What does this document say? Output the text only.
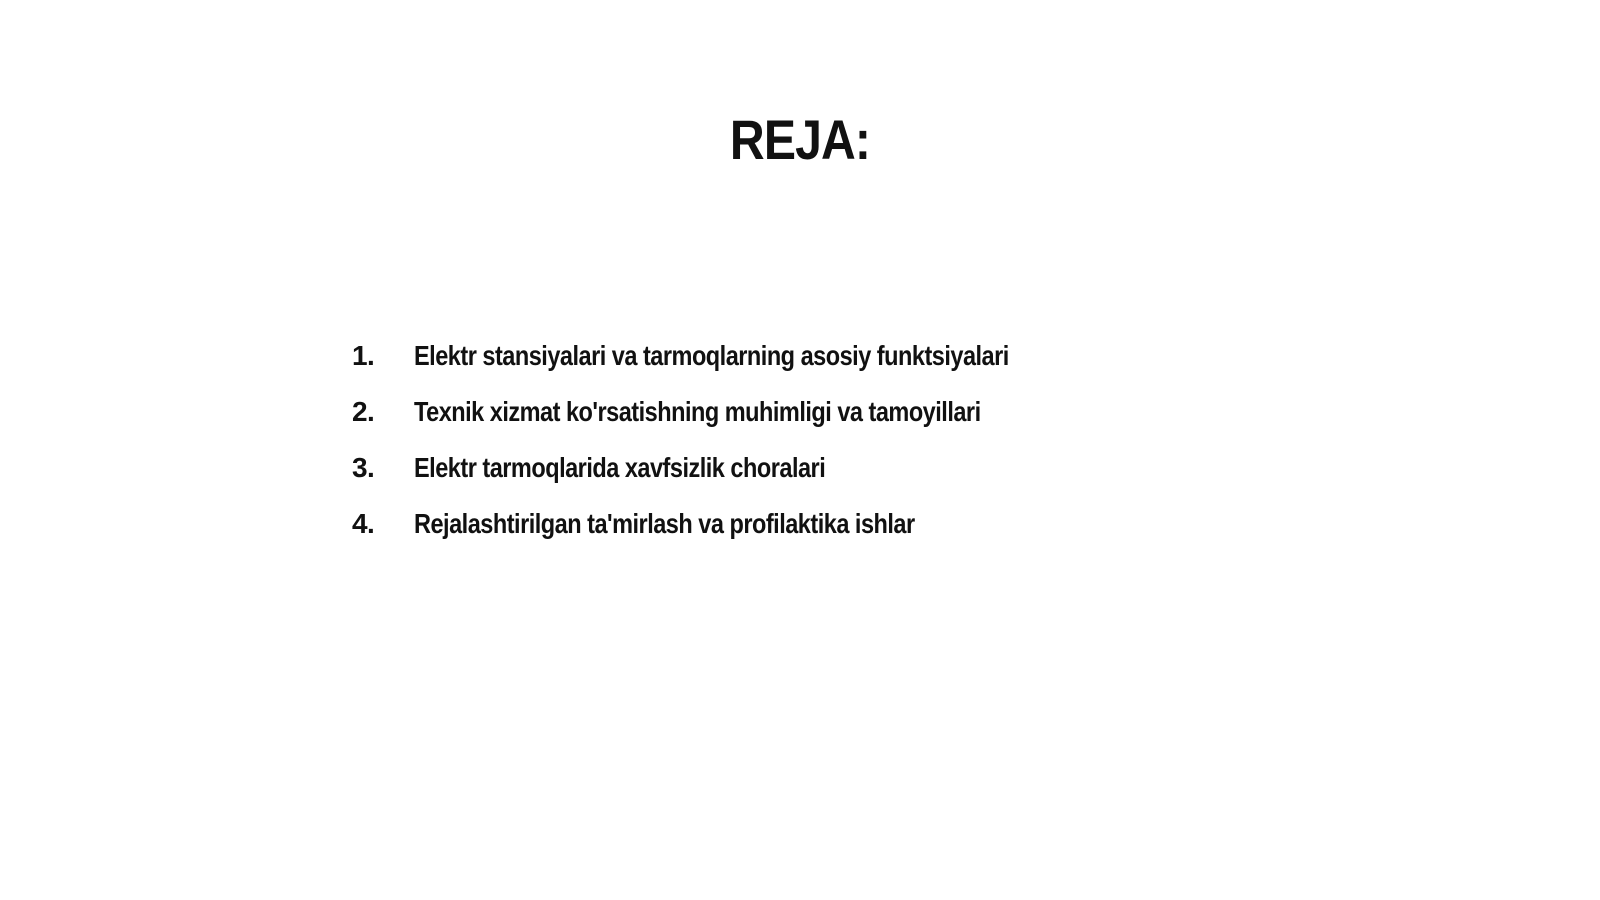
REJA:
1.	Elektr stansiyalari va tarmoqlarning asosiy funktsiyalari
2.	Texnik xizmat ko'rsatishning muhimligi va tamoyillari
3.	Elektr tarmoqlarida xavfsizlik choralari
4.	Rejalashtirilgan ta'mirlash va profilaktika ishlar
